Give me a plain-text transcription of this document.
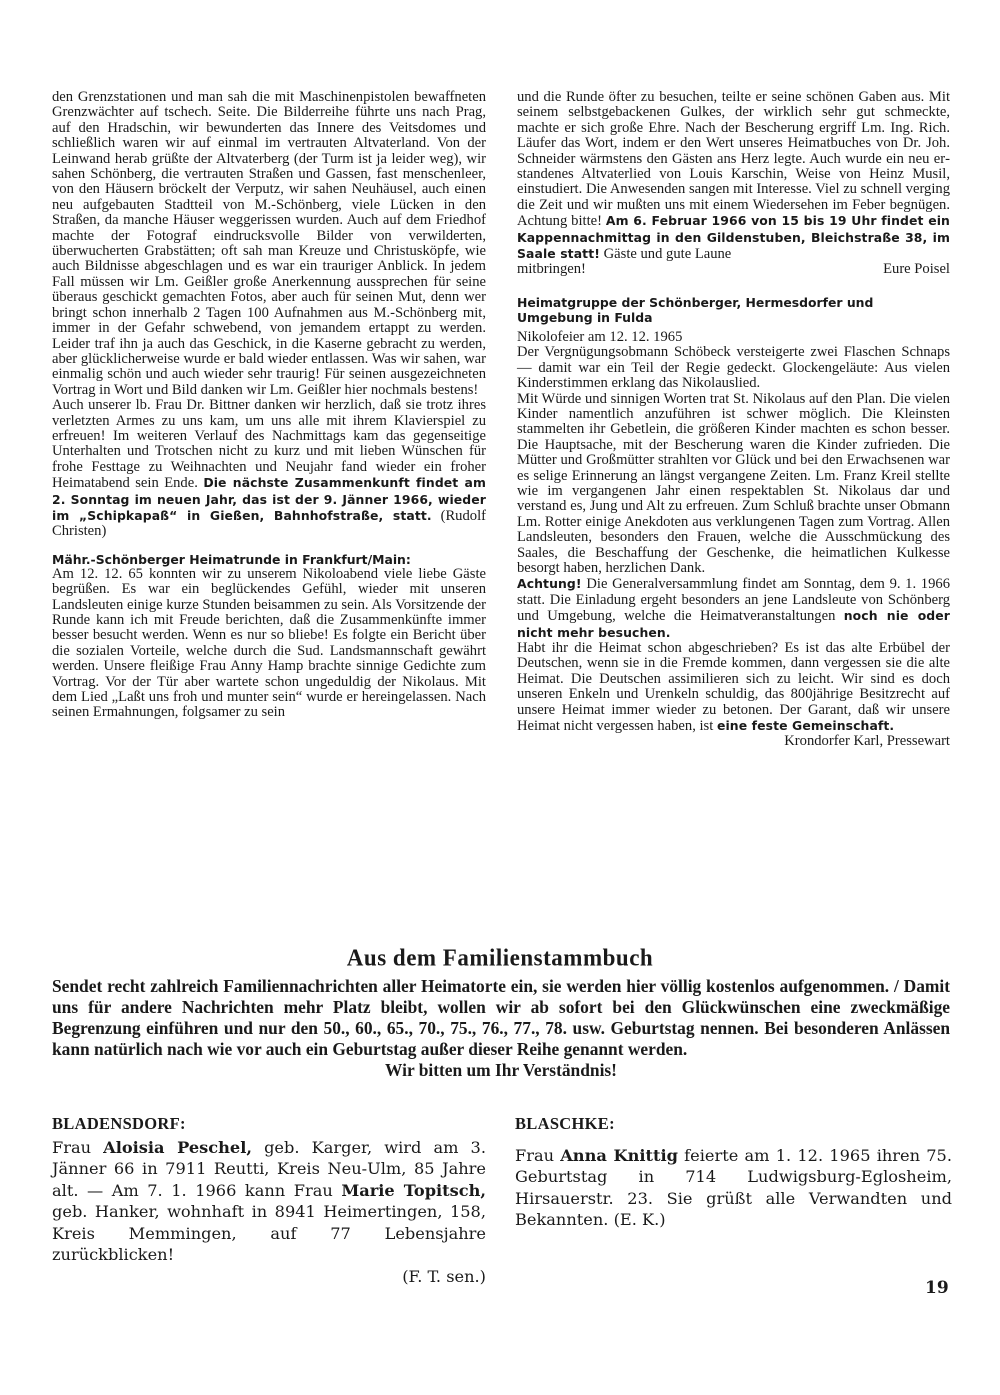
den Grenzstationen und man sah die mit Maschinenpistolen bewaffneten Grenzwächter auf tschech. Seite. Die Bilderreihe führte uns nach Prag, auf den Hradschin, wir bewunderten das Innere des Veitsdomes und schließlich waren wir auf einmal im vertrauten Altvaterland. Von der Leinwand herab grüßte der Altvaterberg (der Turm ist ja leider weg), wir sahen Schönberg, die vertrauten Straßen und Gassen, fast menschenleer, von den Häusern bröckelt der Verputz, wir sahen Neuhäusel, auch einen neu aufgebauten Stadtteil von M.-Schönberg, viele Lücken in den Straßen, da manche Häuser weggerissen wurden. Auch auf dem Friedhof machte der Fotograf eindrucksvolle Bilder von verwilderten, überwucherten Grabstätten; oft sah man Kreuze und Christusköpfe, wie auch Bildnisse abgeschlagen und es war ein trauriger Anblick. In jedem Fall müssen wir Lm. Geißler große Anerkennung aussprechen für seine überaus geschickt gemachten Fotos, aber auch für seinen Mut, denn wer bringt schon innerhalb 2 Tagen 100 Aufnahmen aus M.-Schönberg mit, immer in der Gefahr schwebend, von jemandem ertappt zu werden. Leider traf ihn ja auch das Geschick, in die Kaserne gebracht zu werden, aber glücklicherweise wurde er bald wieder entlassen. Was wir sahen, war einmalig schön und auch wieder sehr traurig! Für seinen ausgezeichneten Vortrag in Wort und Bild danken wir Lm. Geißler hier nochmals bestens!

Auch unserer lb. Frau Dr. Bittner danken wir herzlich, daß sie trotz ihres verletzten Armes zu uns kam, um uns alle mit ihrem Klavierspiel zu erfreuen! Im weiteren Verlauf des Nachmittags kam das gegenseitige Unterhalten und Trotschen nicht zu kurz und mit lieben Wünschen für frohe Festtage zu Weihnachten und Neujahr fand wieder ein froher Heimatabend sein Ende. Die nächste Zusammenkunft findet am 2. Sonntag im neuen Jahr, das ist der 9. Jänner 1966, wieder im „Schipkapaß“ in Gießen, Bahnhofstraße, statt. (Rudolf Christen)

Mähr.-Schönberger Heimatrunde in Frankfurt/Main:

Am 12. 12. 65 konnten wir zu unserem Nikoloabend viele liebe Gäste begrüßen. Es war ein beglückendes Gefühl, wieder mit unseren Landsleuten einige kurze Stunden beisammen zu sein. Als Vorsitzende der Runde kann ich mit Freude berichten, daß die Zusammenkünfte immer besser besucht werden. Wenn es nur so bliebe! Es folgte ein Bericht über die sozialen Vorteile, welche durch die Sud. Landsmannschaft gewährt werden. Unsere fleißige Frau Anny Hamp brachte sinnige Gedichte zum Vortrag. Vor der Tür aber wartete schon ungeduldig der Nikolaus. Mit dem Lied „Laßt uns froh und munter sein“ wurde er hereingelassen. Nach seinen Ermahnungen, folgsamer zu sein

und die Runde öfter zu besuchen, teilte er seine schönen Gaben aus. Mit seinem selbstgebackenen Gulkes, der wirklich sehr gut schmeckte, machte er sich große Ehre. Nach der Bescherung ergriff Lm. Ing. Rich. Läufer das Wort, indem er den Wert unseres Heimatbuches von Dr. Joh. Schneider wärmstens den Gästen ans Herz legte. Auch wurde ein neu erstandenes Altvaterlied von Louis Karschin, Weise von Heinz Musil, einstudiert. Die Anwesenden sangen mit Interesse. Viel zu schnell verging die Zeit und wir mußten uns mit einem Wiedersehen im Feber begnügen. Achtung bitte! Am 6. Februar 1966 von 15 bis 19 Uhr findet ein Kappennachmittag in den Gildenstuben, Bleichstraße 38, im Saale statt! Gäste und gute Laune

mitbringen!	Eure Poisel
Heimatgruppe der Schönberger, Hermesdorfer und Umgebung in Fulda

Nikolofeier am 12. 12. 1965

Der Vergnügungsobmann Schöbeck versteigerte zwei Flaschen Schnaps — damit war ein Teil der Regie gedeckt. Glockengeläute: Aus vielen Kinderstimmen erklang das Nikolauslied.

Mit Würde und sinnigen Worten trat St. Nikolaus auf den Plan. Die vielen Kinder namentlich anzuführen ist schwer möglich. Die Kleinsten stammelten ihr Gebetlein, die größeren Kinder machten es schon besser. Die Hauptsache, mit der Bescherung waren die Kinder zufrieden. Die Mütter und Großmütter strahlten vor Glück und bei den Erwachsenen war es selige Erinnerung an längst vergangene Zeiten. Lm. Franz Kreil stellte wie im vergangenen Jahr einen respektablen St. Nikolaus dar und verstand es, Jung und Alt zu erfreuen. Zum Schluß brachte unser Obmann Lm. Rotter einige Anekdoten aus verklungenen Tagen zum Vortrag. Allen Landsleuten, besonders den Frauen, welche die Ausschmückung des Saales, die Beschaffung der Geschenke, die heimatlichen Kulkesse besorgt haben, herzlichen Dank.

Achtung! Die Generalversammlung findet am Sonntag, dem 9. 1. 1966 statt. Die Einladung ergeht besonders an jene Landsleute von Schönberg und Umgebung, welche die Heimatveranstaltungen noch nie oder nicht mehr besuchen.

Habt ihr die Heimat schon abgeschrieben? Es ist das alte Erbübel der Deutschen, wenn sie in die Fremde kommen, dann vergessen sie die alte Heimat. Die Deutschen assimilieren sich zu leicht. Wir sind es doch unseren Enkeln und Urenkeln schuldig, das 800jährige Besitzrecht auf unsere Heimat immer wieder zu betonen. Der Garant, daß wir unsere Heimat nicht vergessen haben, ist eine feste Gemeinschaft.

Krondorfer Karl, Pressewart

Aus dem Familienstammbuch
Sendet recht zahlreich Familiennachrichten aller Heimatorte ein, sie werden hier völlig kostenlos aufgenommen. / Damit uns für andere Nachrichten mehr Platz bleibt, wollen wir ab sofort bei den Glückwünschen eine zweckmäßige Begrenzung einführen und nur den 50., 60., 65., 70., 75., 76., 77., 78. usw. Geburtstag nennen. Bei besonderen Anlässen kann natürlich nach wie vor auch ein Geburtstag außer dieser Reihe genannt werden.
Wir bitten um Ihr Verständnis!
BLADENSDORF:
Frau Aloisia Peschel, geb. Karger, wird am 3. Jänner 66 in 7911 Reutti, Kreis Neu-Ulm, 85 Jahre alt. — Am 7. 1. 1966 kann Frau Marie Topitsch, geb. Hanker, wohnhaft in 8941 Heimertingen, 158, Kreis Memmingen, auf 77 Lebensjahre zurückblicken!
(F. T. sen.)
BLASCHKE:
Frau Anna Knittig feierte am 1. 12. 1965 ihren 75. Geburtstag in 714 Ludwigsburg-Eglosheim, Hirsauerstr. 23. Sie grüßt alle Verwandten und Bekannten. (E. K.)
19
